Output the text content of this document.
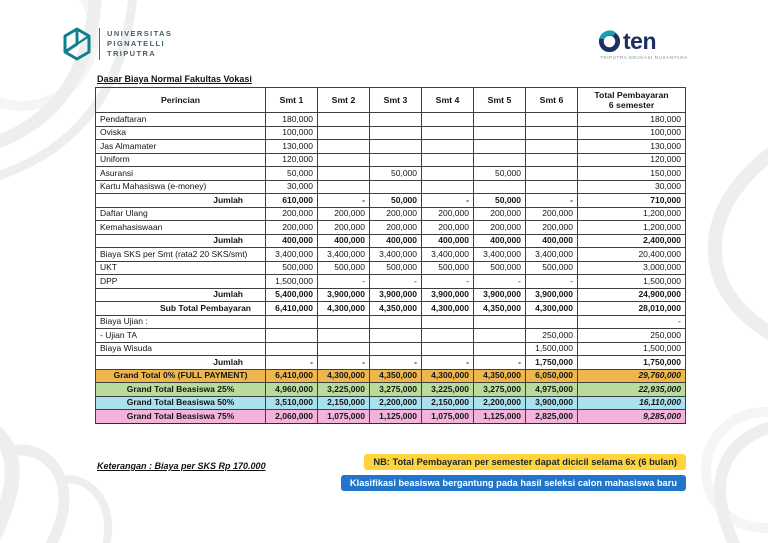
UNIVERSITAS
PIGNATELLI
TRIPUTRA	ten
TRIPUTRA EDUKASI NUSANTARA
Dasar Biaya Normal Fakultas Vokasi
Perincian	Smt 1	Smt 2	Smt 3	Smt 4	Smt 5	Smt 6	Total Pembayaran
6 semester

Pendaftaran	180,000						180,000
Oviska	100,000						100,000
Jas Almamater	130,000						130,000
Uniform	120,000						120,000
Asuransi	50,000		50,000		50,000		150,000
Kartu Mahasiswa (e-money)	30,000						30,000
Jumlah	610,000	-	50,000	-	50,000	-	710,000
Daftar Ulang	200,000	200,000	200,000	200,000	200,000	200,000	1,200,000
Kemahasiswaan	200,000	200,000	200,000	200,000	200,000	200,000	1,200,000
Jumlah	400,000	400,000	400,000	400,000	400,000	400,000	2,400,000
Biaya SKS per Smt (rata2 20 SKS/smt)	3,400,000	3,400,000	3,400,000	3,400,000	3,400,000	3,400,000	20,400,000
UKT	500,000	500,000	500,000	500,000	500,000	500,000	3,000,000
DPP	1,500,000	-	-	-	-	-	1,500,000
Jumlah	5,400,000	3,900,000	3,900,000	3,900,000	3,900,000	3,900,000	24,900,000
Sub Total Pembayaran	6,410,000	4,300,000	4,350,000	4,300,000	4,350,000	4,300,000	28,010,000
Biaya Ujian :							-
- Ujian TA						250,000	250,000
Biaya Wisuda						1,500,000	1,500,000
Jumlah	-	-	-	-	-	1,750,000	1,750,000
Grand Total 0% (FULL PAYMENT)	6,410,000	4,300,000	4,350,000	4,300,000	4,350,000	6,050,000	29,760,000
Grand Total Beasiswa 25%	4,960,000	3,225,000	3,275,000	3,225,000	3,275,000	4,975,000	22,935,000
Grand Total Beasiswa 50%	3,510,000	2,150,000	2,200,000	2,150,000	2,200,000	3,900,000	16,110,000
Grand Total Beasiswa 75%	2,060,000	1,075,000	1,125,000	1,075,000	1,125,000	2,825,000	9,285,000
Keterangan : Biaya per SKS Rp 170.000	NB: Total Pembayaran per semester dapat dicicil selama 6x (6 bulan)
Klasifikasi beasiswa bergantung pada hasil seleksi calon mahasiswa baru
